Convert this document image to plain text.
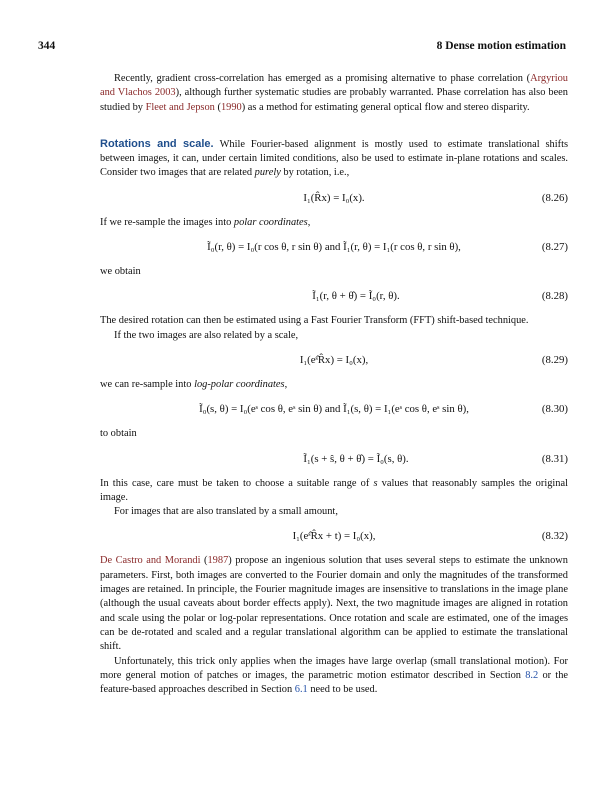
344	8 Dense motion estimation

Recently, gradient cross-correlation has emerged as a promising alternative to phase correlation (Argyriou and Vlachos 2003), although further systematic studies are probably warranted. Phase correlation has also been studied by Fleet and Jepson (1990) as a method for estimating general optical flow and stereo disparity.

Rotations and scale. While Fourier-based alignment is mostly used to estimate translational shifts between images, it can, under certain limited conditions, also be used to estimate in-plane rotations and scales. Consider two images that are related purely by rotation, i.e.,

I₁(R̂x) = I₀(x).	(8.26)

If we re-sample the images into polar coordinates,

Ĩ₀(r, θ) = I₀(r cos θ, r sin θ) and Ĩ₁(r, θ) = I₁(r cos θ, r sin θ),	(8.27)

we obtain

Ĩ₁(r, θ + θ̂) = Ĩ₀(r, θ).	(8.28)

The desired rotation can then be estimated using a Fast Fourier Transform (FFT) shift-based technique.

If the two images are also related by a scale,

I₁(eˢ̂R̂x) = I₀(x),	(8.29)

we can re-sample into log-polar coordinates,

Ĩ₀(s, θ) = I₀(eˢ cos θ, eˢ sin θ) and Ĩ₁(s, θ) = I₁(eˢ cos θ, eˢ sin θ),	(8.30)

to obtain

Ĩ₁(s + ŝ, θ + θ̂) = Ĩ₀(s, θ).	(8.31)

In this case, care must be taken to choose a suitable range of s values that reasonably samples the original image.

For images that are also translated by a small amount,

I₁(eˢ̂R̂x + t) = I₀(x),	(8.32)

De Castro and Morandi (1987) propose an ingenious solution that uses several steps to estimate the unknown parameters. First, both images are converted to the Fourier domain and only the magnitudes of the transformed images are retained. In principle, the Fourier magnitude images are insensitive to translations in the image plane (although the usual caveats about border effects apply). Next, the two magnitude images are aligned in rotation and scale using the polar or log-polar representations. Once rotation and scale are estimated, one of the images can be de-rotated and scaled and a regular translational algorithm can be applied to estimate the translational shift.

Unfortunately, this trick only applies when the images have large overlap (small translational motion). For more general motion of patches or images, the parametric motion estimator described in Section 8.2 or the feature-based approaches described in Section 6.1 need to be used.
